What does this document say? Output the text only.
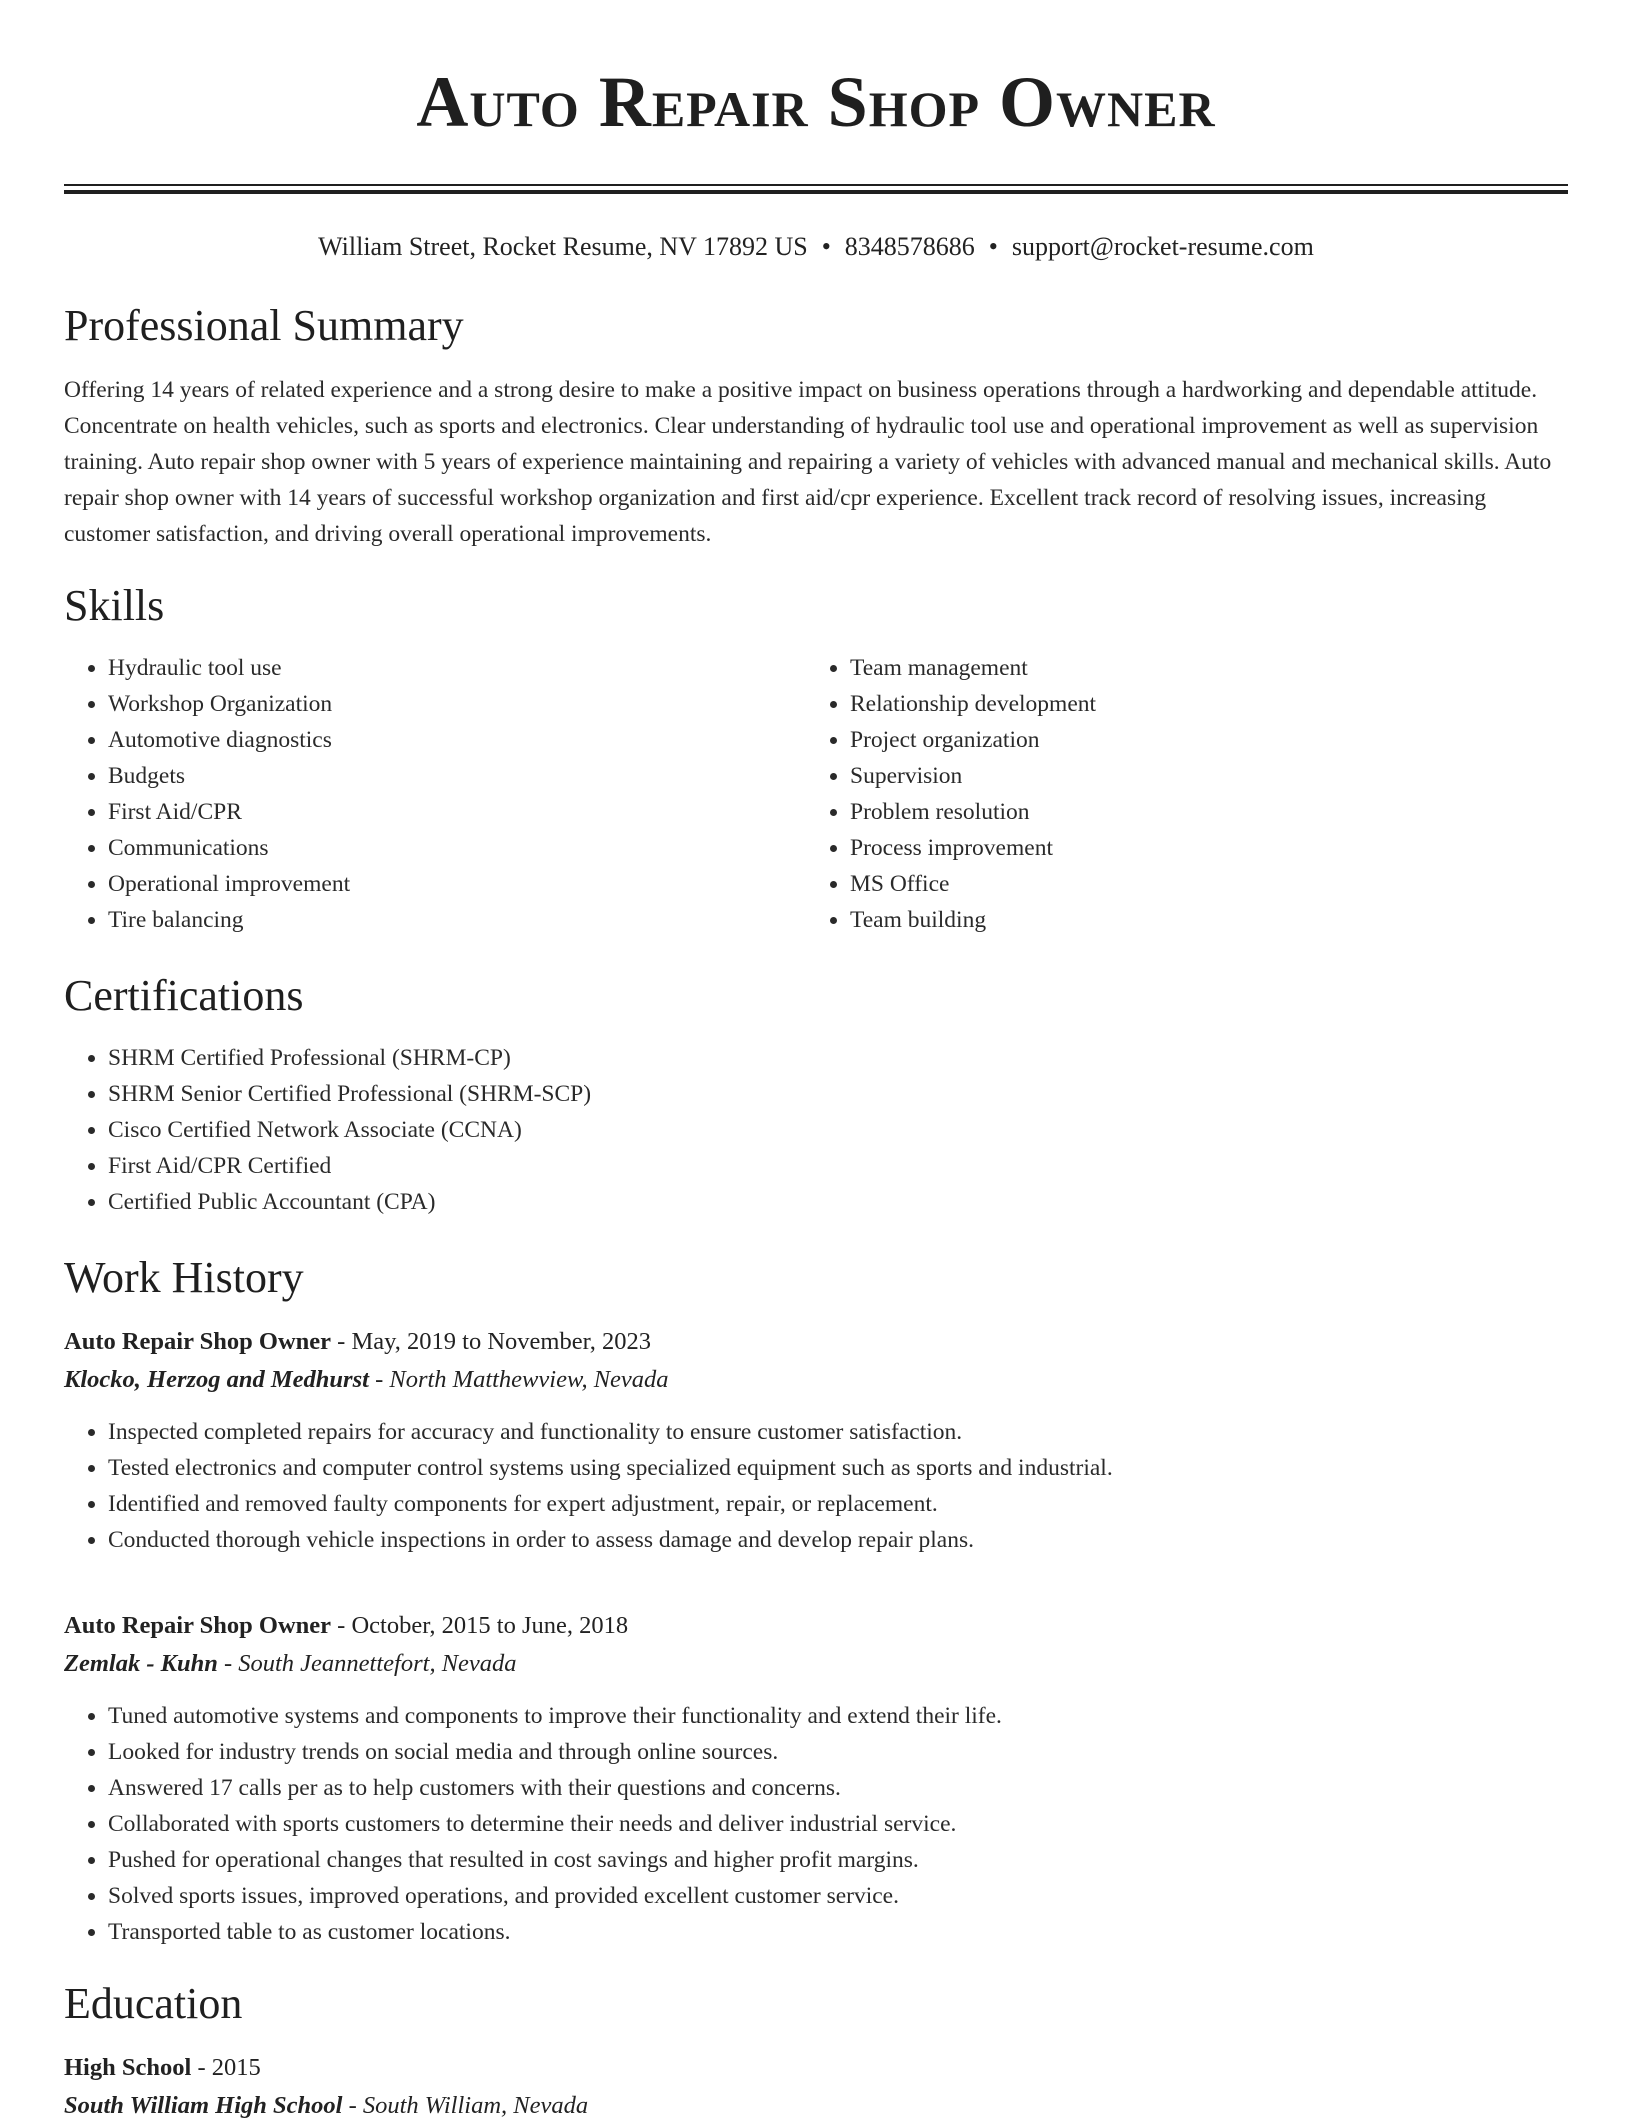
Auto Repair Shop Owner
William Street, Rocket Resume, NV 17892 US • 8348578686 • support@rocket-resume.com
Professional Summary

Offering 14 years of related experience and a strong desire to make a positive impact on business operations through a hardworking and dependable attitude. Concentrate on health vehicles, such as sports and electronics. Clear understanding of hydraulic tool use and operational improvement as well as supervision training. Auto repair shop owner with 5 years of experience maintaining and repairing a variety of vehicles with advanced manual and mechanical skills. Auto repair shop owner with 14 years of successful workshop organization and first aid/cpr experience. Excellent track record of resolving issues, increasing customer satisfaction, and driving overall operational improvements.

Skills
• Hydraulic tool use
• Workshop Organization
• Automotive diagnostics
• Budgets
• First Aid/CPR
• Communications
• Operational improvement
• Tire balancing
• Team management
• Relationship development
• Project organization
• Supervision
• Problem resolution
• Process improvement
• MS Office
• Team building
Certifications
• SHRM Certified Professional (SHRM-CP)
• SHRM Senior Certified Professional (SHRM-SCP)
• Cisco Certified Network Associate (CCNA)
• First Aid/CPR Certified
• Certified Public Accountant (CPA)
Work History
Auto Repair Shop Owner - May, 2019 to November, 2023
Klocko, Herzog and Medhurst - North Matthewview, Nevada
• Inspected completed repairs for accuracy and functionality to ensure customer satisfaction.
• Tested electronics and computer control systems using specialized equipment such as sports and industrial.
• Identified and removed faulty components for expert adjustment, repair, or replacement.
• Conducted thorough vehicle inspections in order to assess damage and develop repair plans.
Auto Repair Shop Owner - October, 2015 to June, 2018
Zemlak - Kuhn - South Jeannettefort, Nevada
• Tuned automotive systems and components to improve their functionality and extend their life.
• Looked for industry trends on social media and through online sources.
• Answered 17 calls per as to help customers with their questions and concerns.
• Collaborated with sports customers to determine their needs and deliver industrial service.
• Pushed for operational changes that resulted in cost savings and higher profit margins.
• Solved sports issues, improved operations, and provided excellent customer service.
• Transported table to as customer locations.
Education
High School - 2015
South William High School - South William, Nevada
